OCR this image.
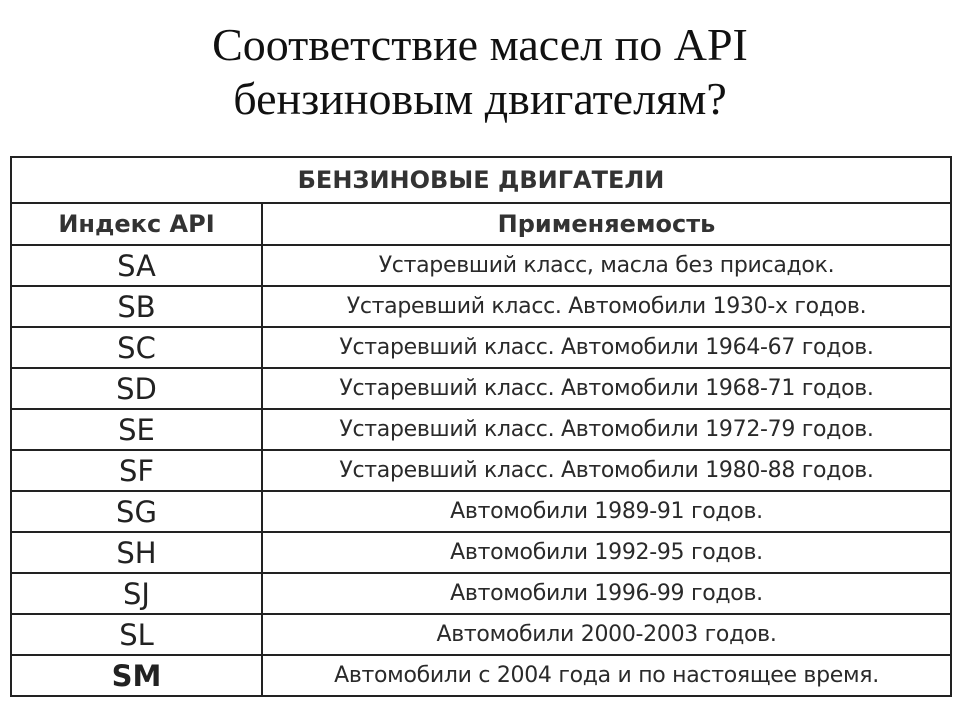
Соответствие масел по API
бензиновым двигателям?
БЕНЗИНОВЫЕ ДВИГАТЕЛИ	
Индекс API	Применяемость
SA	Устаревший класс, масла без присадок.
SB	Устаревший класс. Автомобили 1930-х годов.
SC	Устаревший класс. Автомобили 1964-67 годов.
SD	Устаревший класс. Автомобили 1968-71 годов.
SE	Устаревший класс. Автомобили 1972-79 годов.
SF	Устаревший класс. Автомобили 1980-88 годов.
SG	Автомобили 1989-91 годов.
SH	Автомобили 1992-95 годов.
SJ	Автомобили 1996-99 годов.
SL	Автомобили 2000-2003 годов.
SM	Автомобили с 2004 года и по настоящее время.
